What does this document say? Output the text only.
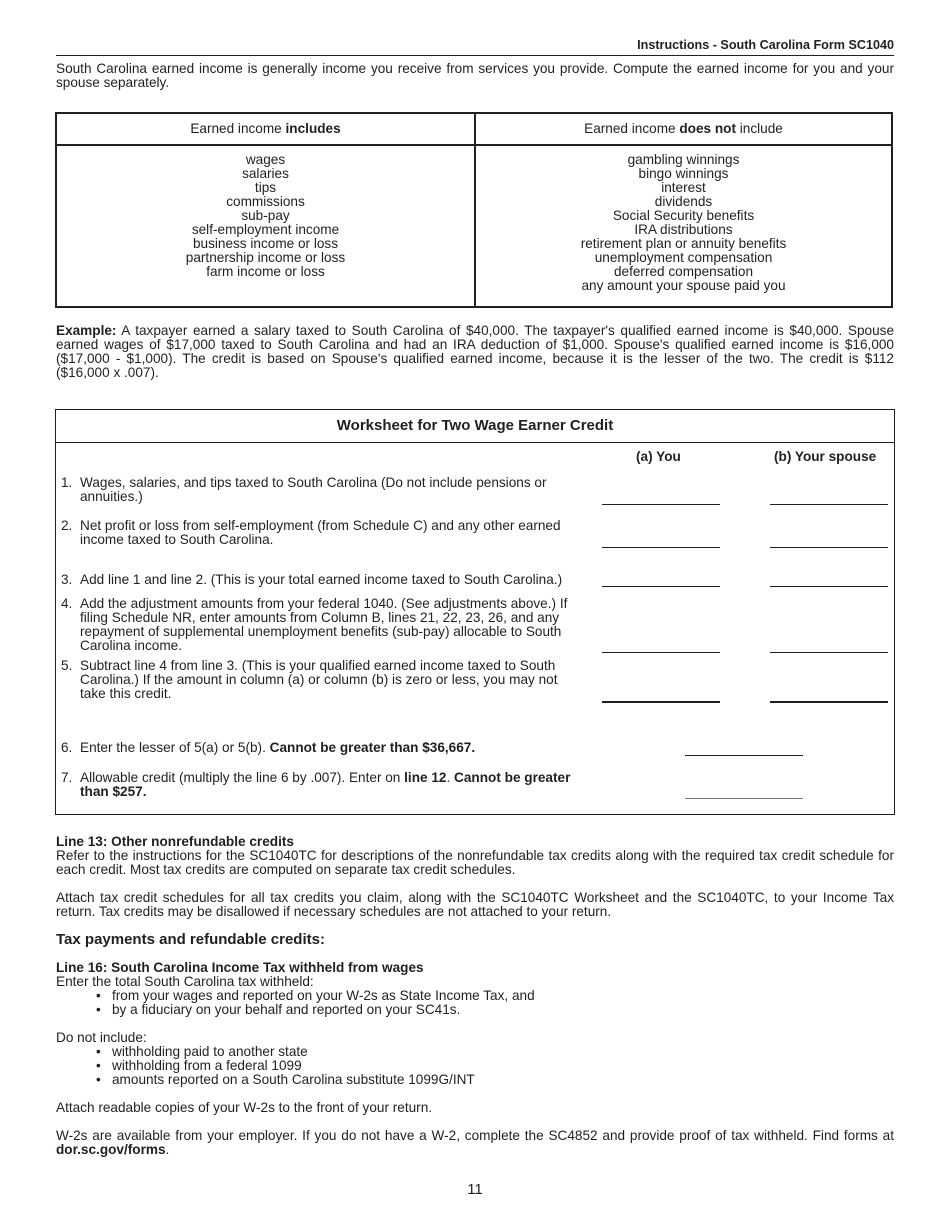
Instructions - South Carolina Form SC1040
South Carolina earned income is generally income you receive from services you provide. Compute the earned income for you and your spouse separately.
Earned income includes	Earned income does not include
wages
salaries
tips
commissions
sub-pay
self-employment income
business income or loss
partnership income or loss
farm income or loss
gambling winnings
bingo winnings
interest
dividends
Social Security benefits
IRA distributions
retirement plan or annuity benefits
unemployment compensation
deferred compensation
any amount your spouse paid you
Example: A taxpayer earned a salary taxed to South Carolina of $40,000. The taxpayer's qualified earned income is $40,000. Spouse earned wages of $17,000 taxed to South Carolina and had an IRA deduction of $1,000. Spouse's qualified earned income is $16,000 ($17,000 - $1,000). The credit is based on Spouse's qualified earned income, because it is the lesser of the two. The credit is $112 ($16,000 x .007).
Worksheet for Two Wage Earner Credit
(a) You	(b) Your spouse
1. Wages, salaries, and tips taxed to South Carolina (Do not include pensions or annuities.)
2. Net profit or loss from self-employment (from Schedule C) and any other earned income taxed to South Carolina.
3. Add line 1 and line 2. (This is your total earned income taxed to South Carolina.)
4. Add the adjustment amounts from your federal 1040. (See adjustments above.) If filing Schedule NR, enter amounts from Column B, lines 21, 22, 23, 26, and any repayment of supplemental unemployment benefits (sub-pay) allocable to South Carolina income.
5. Subtract line 4 from line 3. (This is your qualified earned income taxed to South Carolina.) If the amount in column (a) or column (b) is zero or less, you may not take this credit.
6. Enter the lesser of 5(a) or 5(b). Cannot be greater than $36,667.
7. Allowable credit (multiply the line 6 by .007). Enter on line 12. Cannot be greater than $257.
Line 13: Other nonrefundable credits
Refer to the instructions for the SC1040TC for descriptions of the nonrefundable tax credits along with the required tax credit schedule for each credit. Most tax credits are computed on separate tax credit schedules.
Attach tax credit schedules for all tax credits you claim, along with the SC1040TC Worksheet and the SC1040TC, to your Income Tax return. Tax credits may be disallowed if necessary schedules are not attached to your return.
Tax payments and refundable credits:
Line 16: South Carolina Income Tax withheld from wages
Enter the total South Carolina tax withheld:
• from your wages and reported on your W-2s as State Income Tax, and
• by a fiduciary on your behalf and reported on your SC41s.
Do not include:
• withholding paid to another state
• withholding from a federal 1099
• amounts reported on a South Carolina substitute 1099G/INT
Attach readable copies of your W-2s to the front of your return.
W-2s are available from your employer. If you do not have a W-2, complete the SC4852 and provide proof of tax withheld. Find forms at dor.sc.gov/forms.
11
